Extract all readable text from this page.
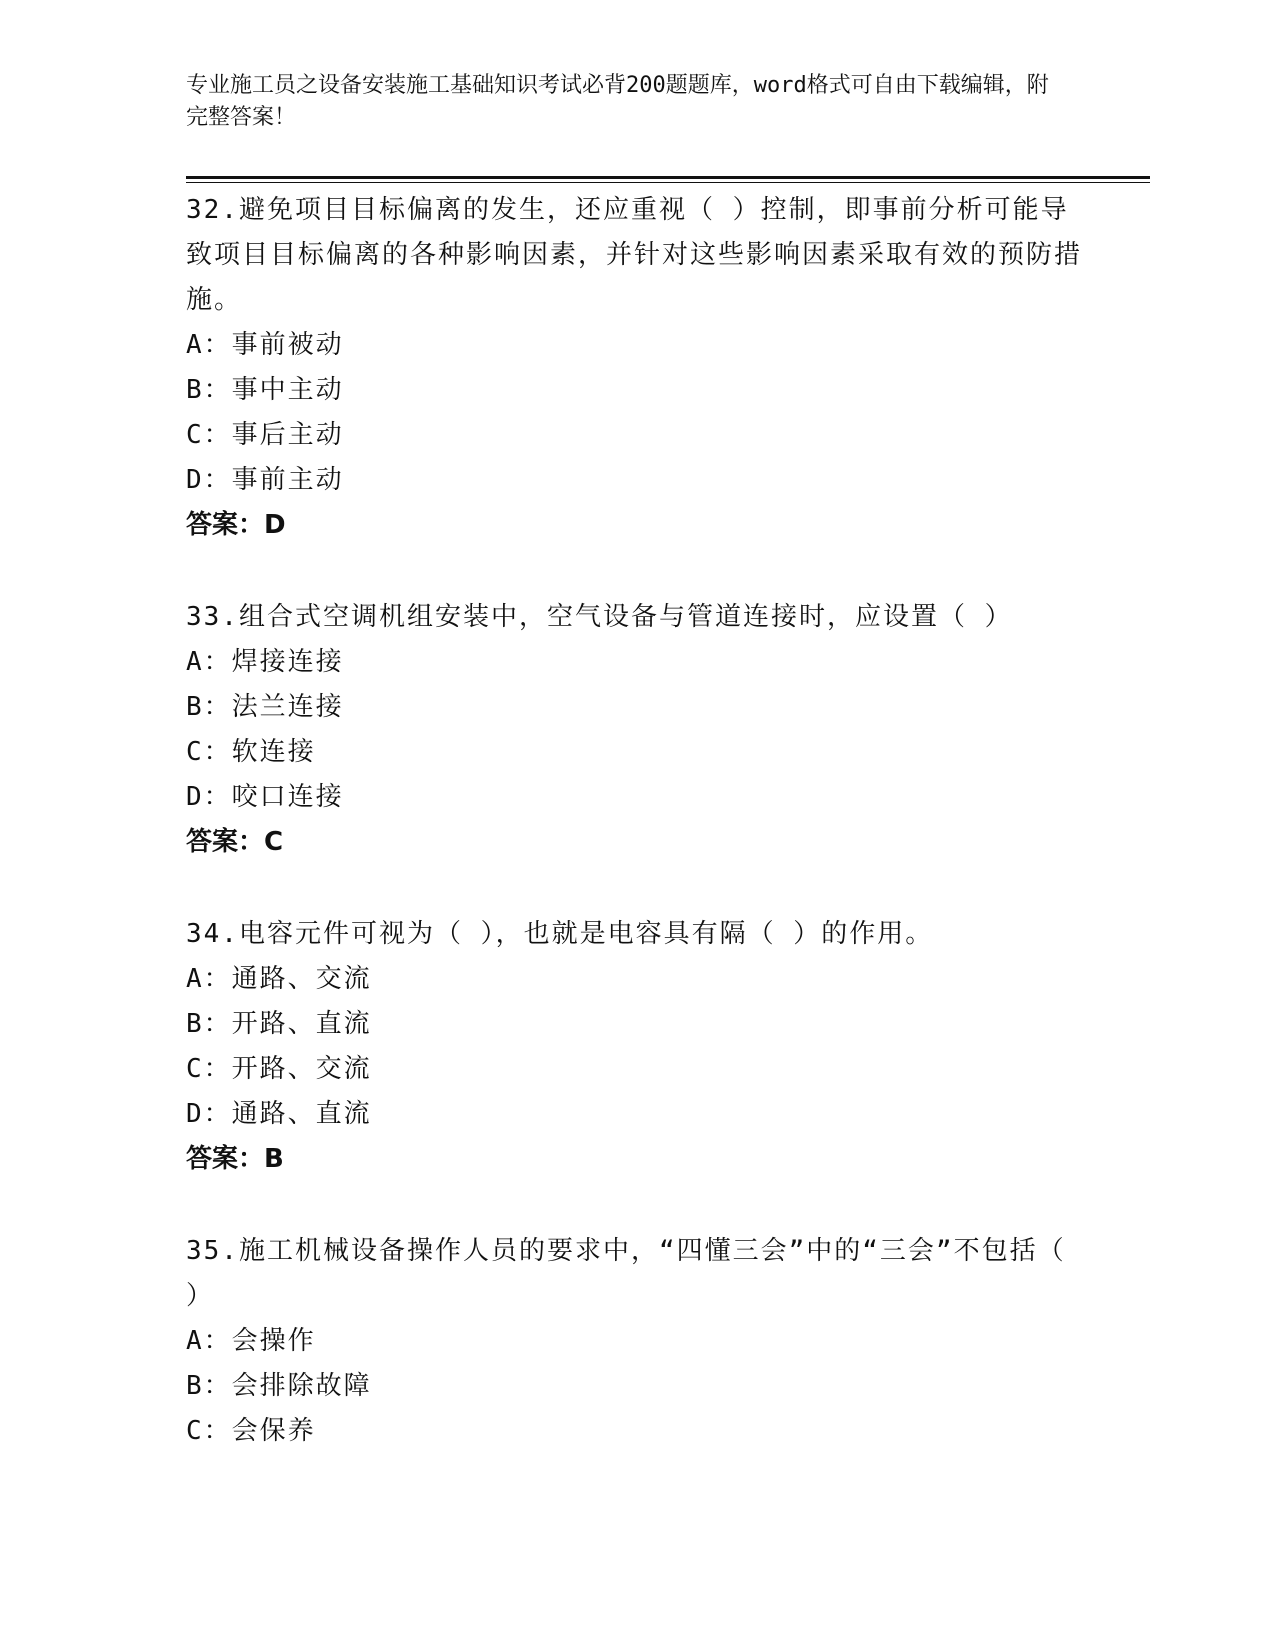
专业施工员之设备安装施工基础知识考试必背200题题库，word格式可自由下载编辑，附完整答案！
32.避免项目目标偏离的发生，还应重视（ ）控制，即事前分析可能导致项目目标偏离的各种影响因素，并针对这些影响因素采取有效的预防措施。
A：事前被动
B：事中主动
C：事后主动
D：事前主动
答案：D
33.组合式空调机组安装中，空气设备与管道连接时，应设置（ ）
A：焊接连接
B：法兰连接
C：软连接
D：咬口连接
答案：C
34.电容元件可视为（ ），也就是电容具有隔（ ）的作用。
A：通路、交流
B：开路、直流
C：开路、交流
D：通路、直流
答案：B
35.施工机械设备操作人员的要求中，“四懂三会”中的“三会”不包括（ ）
A：会操作
B：会排除故障
C：会保养
